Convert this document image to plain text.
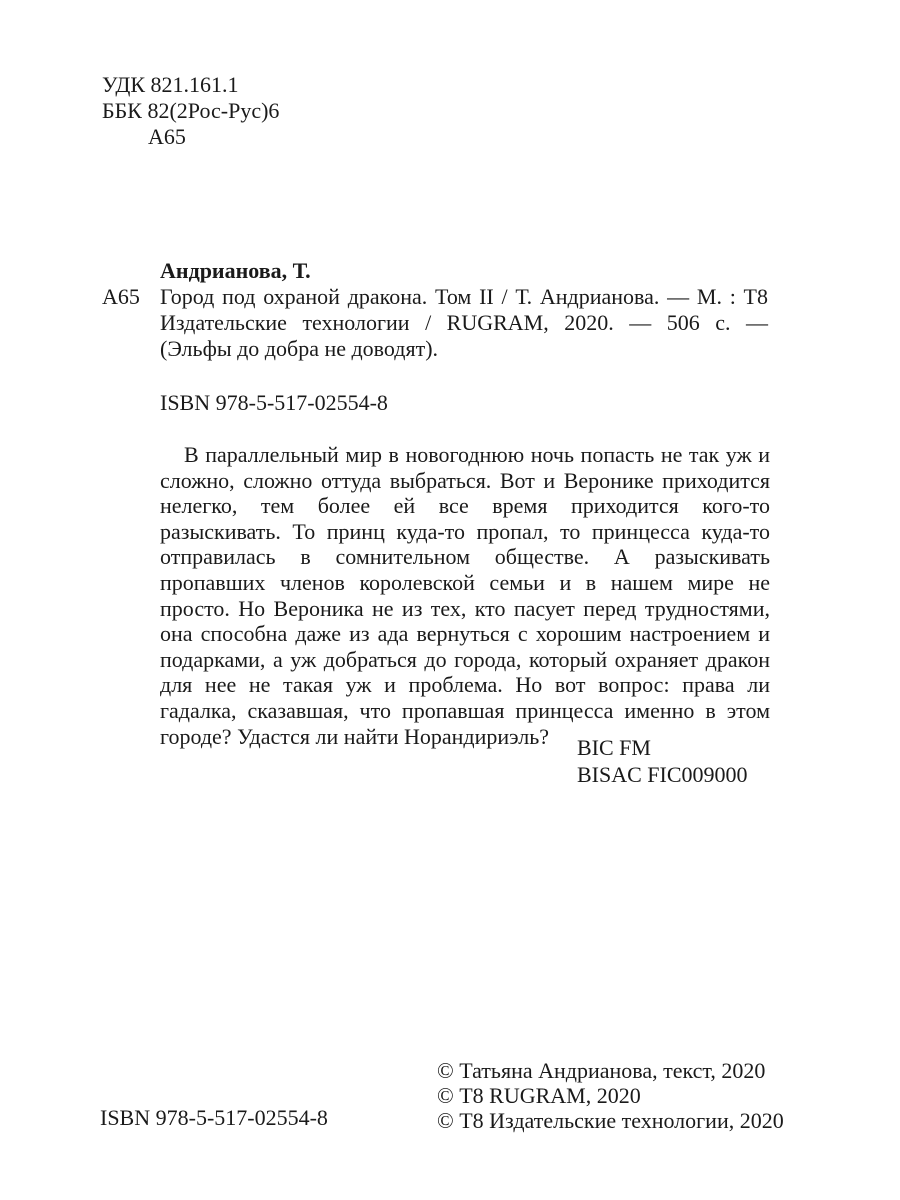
УДК 821.161.1
ББК 82(2Рос-Рус)6
А65
Андрианова, Т.
А65 Город под охраной дракона. Том II / Т. Андрианова. — М. : Т8
Издательские технологии / RUGRAM, 2020. — 506 с. —
(Эльфы до добра не доводят).
ISBN 978-5-517-02554-8
В параллельный мир в новогоднюю ночь попасть не так уж и сложно, сложно оттуда выбраться. Вот и Веронике приходится нелегко, тем более ей все время приходится кого-то разыскивать. То принц куда-то пропал, то принцесса куда-то отправилась в сомнительном обществе. А разыскивать пропавших членов королевской семьи и в нашем мире не просто. Но Вероника не из тех, кто пасует перед трудностями, она способна даже из ада вернуться с хорошим настроением и подарками, а уж добраться до города, который охраняет дракон для нее не такая уж и проблема. Но вот вопрос: права ли гадалка, сказавшая, что пропавшая принцесса именно в этом городе? Удастся ли найти Норандириэль?	BIC FM
BISAC FIC009000
© Татьяна Андрианова, текст, 2020
© Т8 RUGRAM, 2020
© Т8 Издательские технологии, 2020
ISBN 978-5-517-02554-8
